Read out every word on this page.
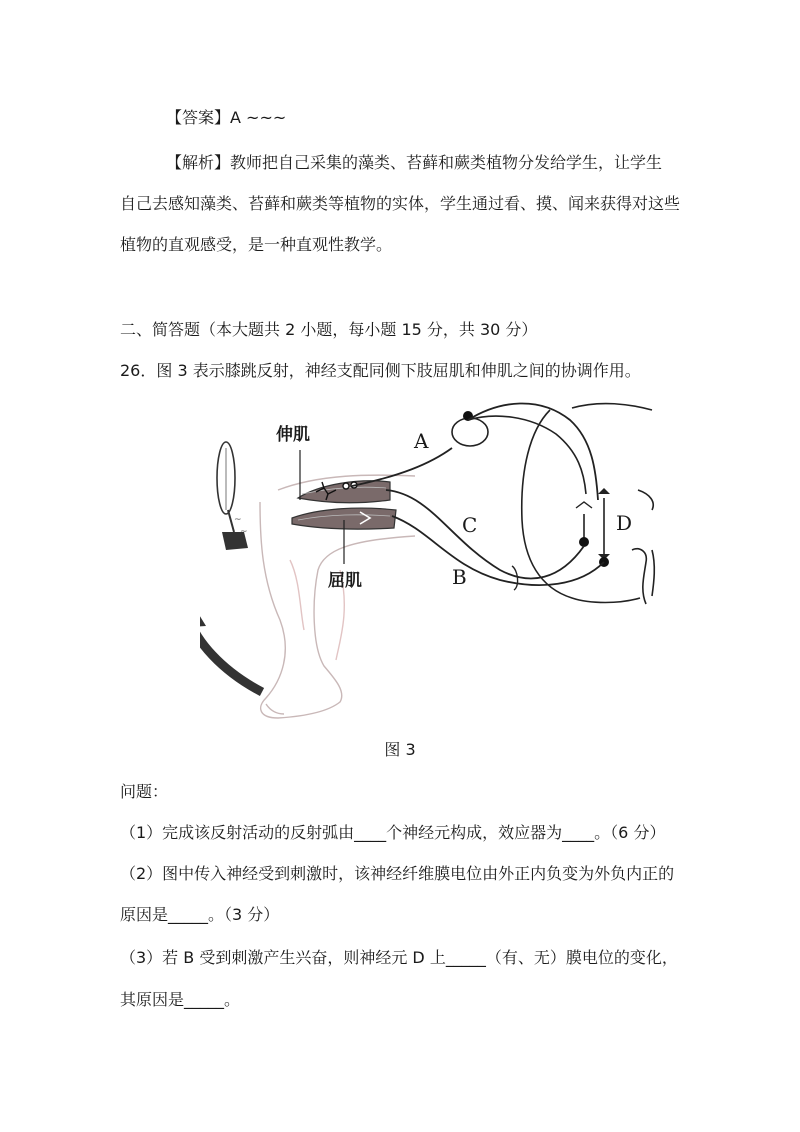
【答案】A ~~~
【解析】教师把自己采集的藻类、苔藓和蕨类植物分发给学生，让学生
自己去感知藻类、苔藓和蕨类等植物的实体，学生通过看、摸、闻来获得对这些
植物的直观感受，是一种直观性教学。
二、简答题（本大题共 2 小题，每小题 15 分，共 30 分）
26．图 3 表示膝跳反射，神经支配同侧下肢屈肌和伸肌之间的协调作用。
~
~
伸肌
屈肌
A
C
B
D
图 3
问题：
（1）完成该反射活动的反射弧由____个神经元构成，效应器为____。（6 分）
（2）图中传入神经受到刺激时，该神经纤维膜电位由外正内负变为外负内正的
原因是_____。（3 分）
（3）若 B 受到刺激产生兴奋，则神经元 D 上_____（有、无）膜电位的变化，
其原因是_____。
